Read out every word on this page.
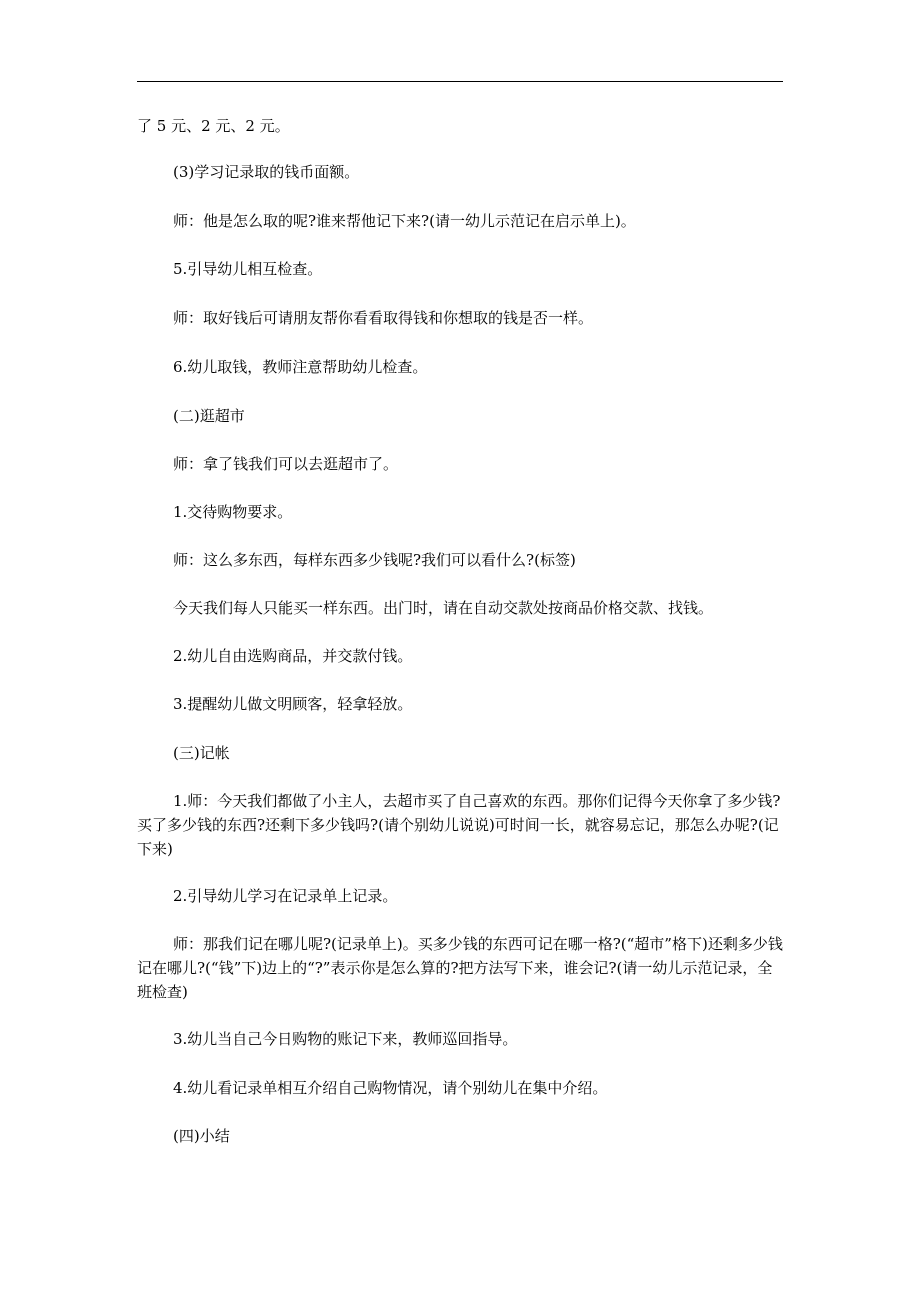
了 5 元、2 元、2 元。

(3)学习记录取的钱币面额。

师：他是怎么取的呢?谁来帮他记下来?(请一幼儿示范记在启示单上)。

5.引导幼儿相互检查。

师：取好钱后可请朋友帮你看看取得钱和你想取的钱是否一样。

6.幼儿取钱，教师注意帮助幼儿检查。

(二)逛超市

师：拿了钱我们可以去逛超市了。

1.交待购物要求。

师：这么多东西，每样东西多少钱呢?我们可以看什么?(标签)

今天我们每人只能买一样东西。出门时，请在自动交款处按商品价格交款、找钱。

2.幼儿自由选购商品，并交款付钱。

3.提醒幼儿做文明顾客，轻拿轻放。

(三)记帐

1.师：今天我们都做了小主人，去超市买了自己喜欢的东西。那你们记得今天你拿了多少钱?买了多少钱的东西?还剩下多少钱吗?(请个别幼儿说说)可时间一长，就容易忘记，那怎么办呢?(记下来)

2.引导幼儿学习在记录单上记录。

师：那我们记在哪儿呢?(记录单上)。买多少钱的东西可记在哪一格?(“超市”格下)还剩多少钱记在哪儿?(“钱”下)边上的“?”表示你是怎么算的?把方法写下来，谁会记?(请一幼儿示范记录，全班检查)

3.幼儿当自己今日购物的账记下来，教师巡回指导。

4.幼儿看记录单相互介绍自己购物情况，请个别幼儿在集中介绍。

(四)小结
